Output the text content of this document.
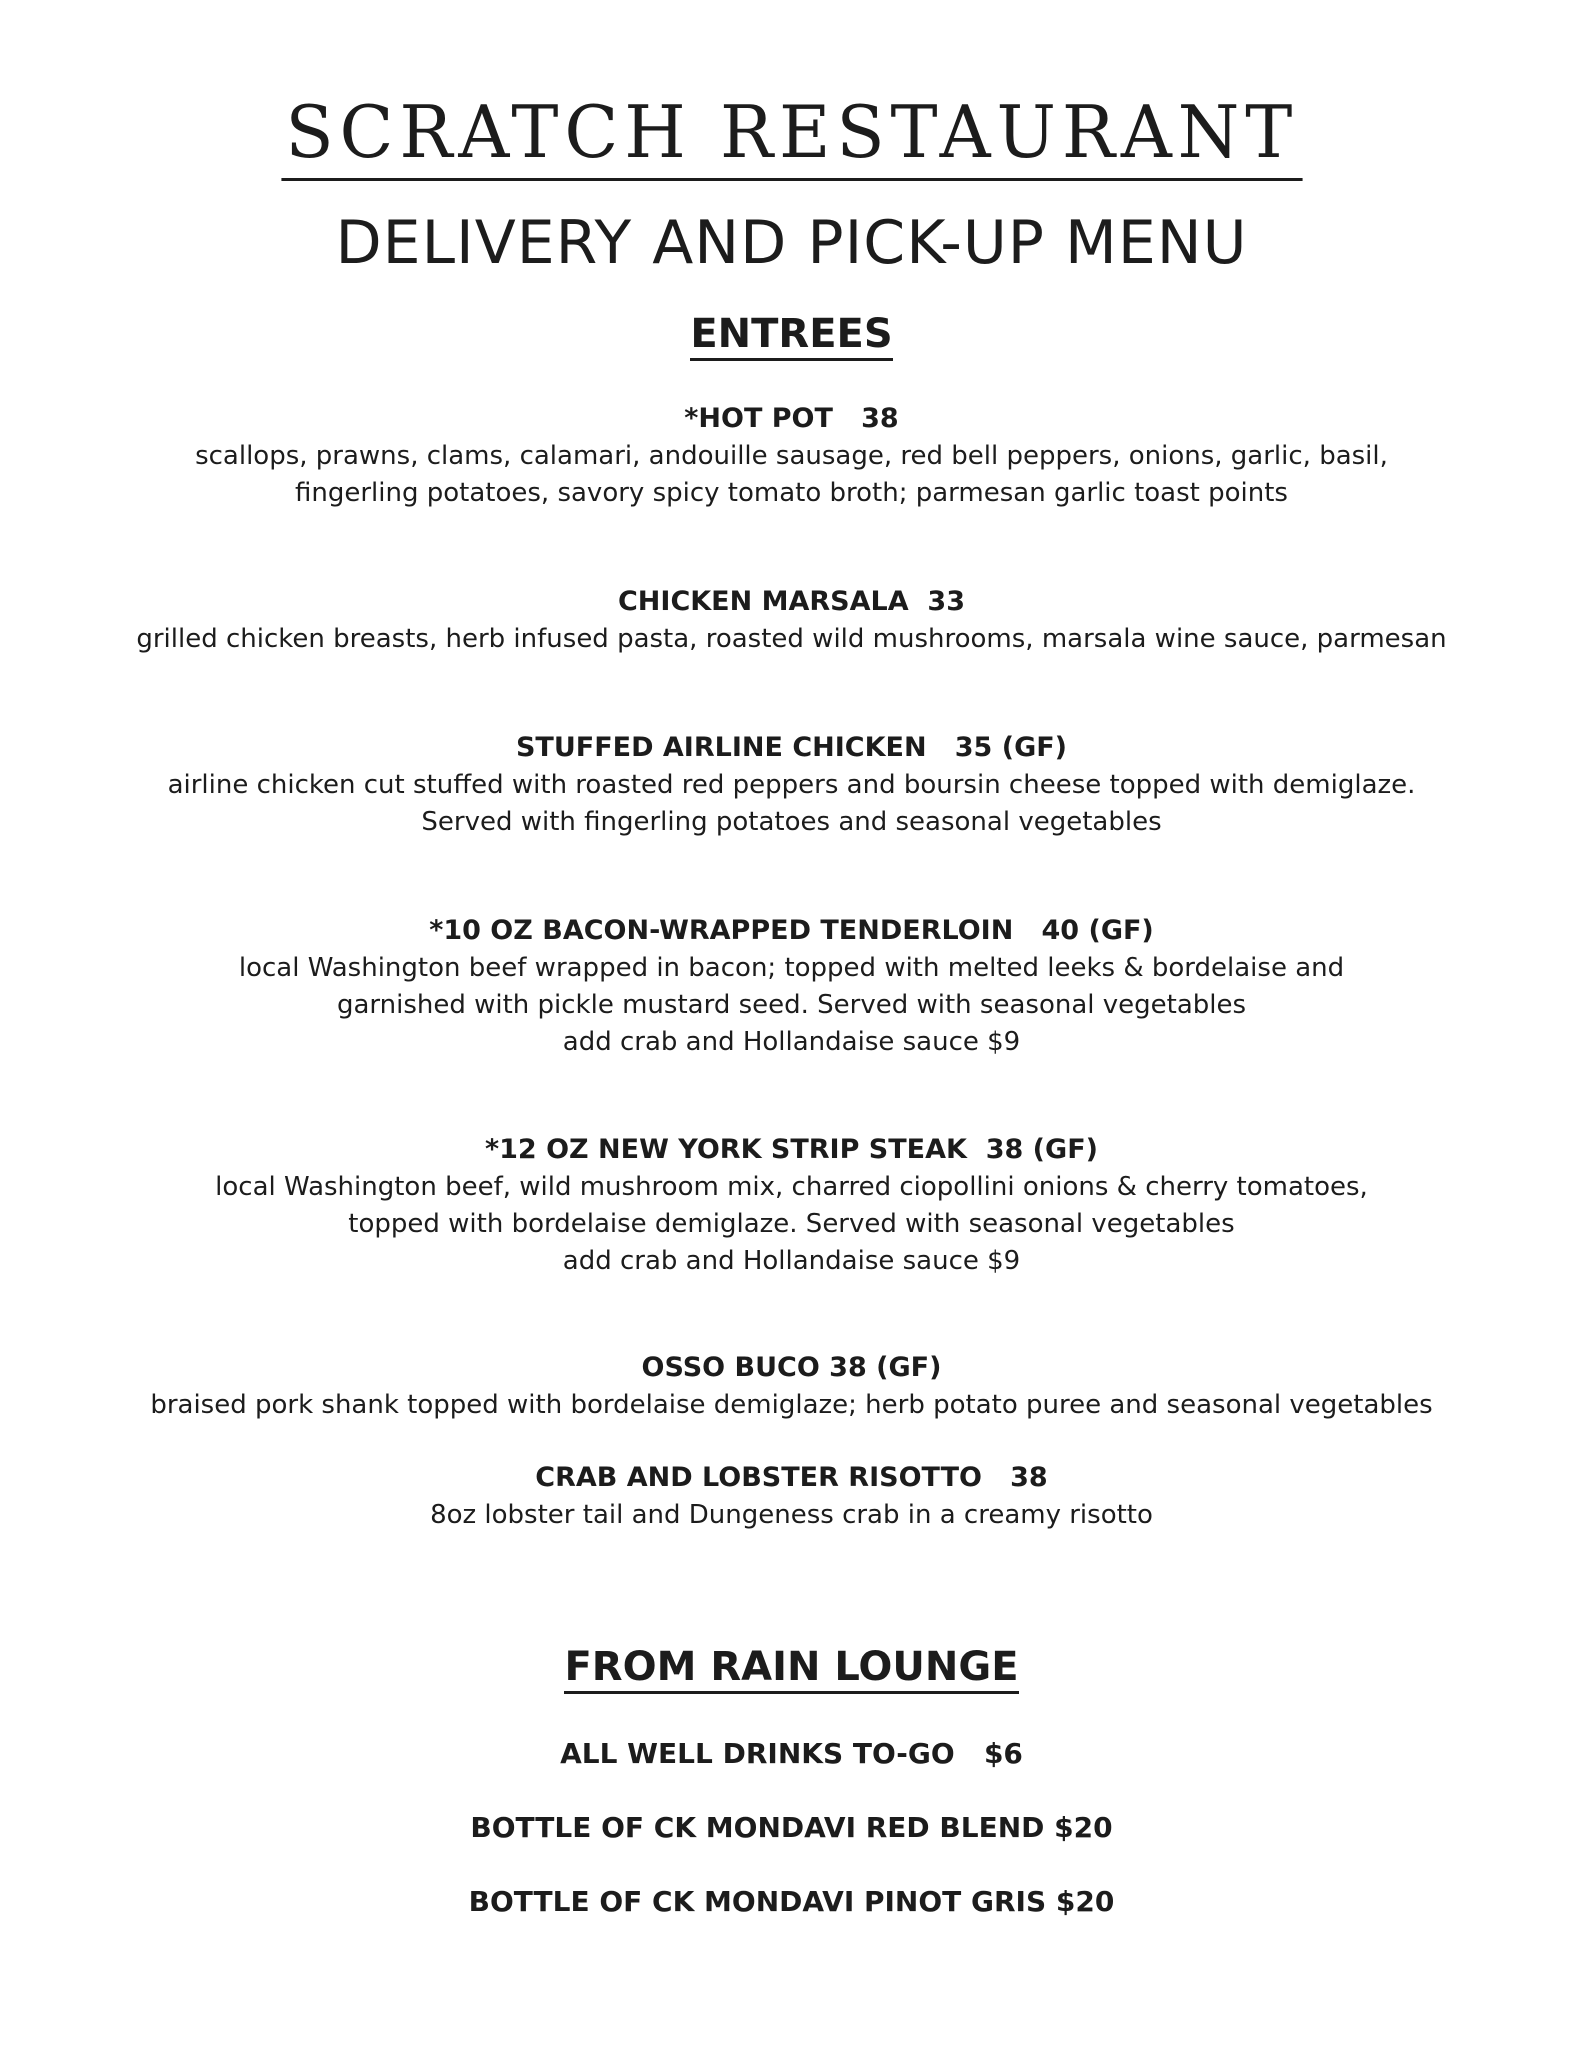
SCRATCH RESTAURANT
DELIVERY AND PICK-UP MENU
ENTREES
*HOT POT   38
scallops, prawns, clams, calamari, andouille sausage, red bell peppers, onions, garlic, basil,
fingerling potatoes, savory spicy tomato broth; parmesan garlic toast points
CHICKEN MARSALA  33
grilled chicken breasts, herb infused pasta, roasted wild mushrooms, marsala wine sauce, parmesan
STUFFED AIRLINE CHICKEN   35 (GF)
airline chicken cut stuffed with roasted red peppers and boursin cheese topped with demiglaze.
Served with fingerling potatoes and seasonal vegetables
*10 OZ BACON-WRAPPED TENDERLOIN   40 (GF)
local Washington beef wrapped in bacon; topped with melted leeks & bordelaise and
garnished with pickle mustard seed. Served with seasonal vegetables
add crab and Hollandaise sauce $9
*12 OZ NEW YORK STRIP STEAK  38 (GF)
local Washington beef, wild mushroom mix, charred ciopollini onions & cherry tomatoes,
topped with bordelaise demiglaze. Served with seasonal vegetables
add crab and Hollandaise sauce $9
OSSO BUCO 38 (GF)
braised pork shank topped with bordelaise demiglaze; herb potato puree and seasonal vegetables
CRAB AND LOBSTER RISOTTO   38
8oz lobster tail and Dungeness crab in a creamy risotto
FROM RAIN LOUNGE
ALL WELL DRINKS TO-GO   $6
BOTTLE OF CK MONDAVI RED BLEND $20
BOTTLE OF CK MONDAVI PINOT GRIS $20
